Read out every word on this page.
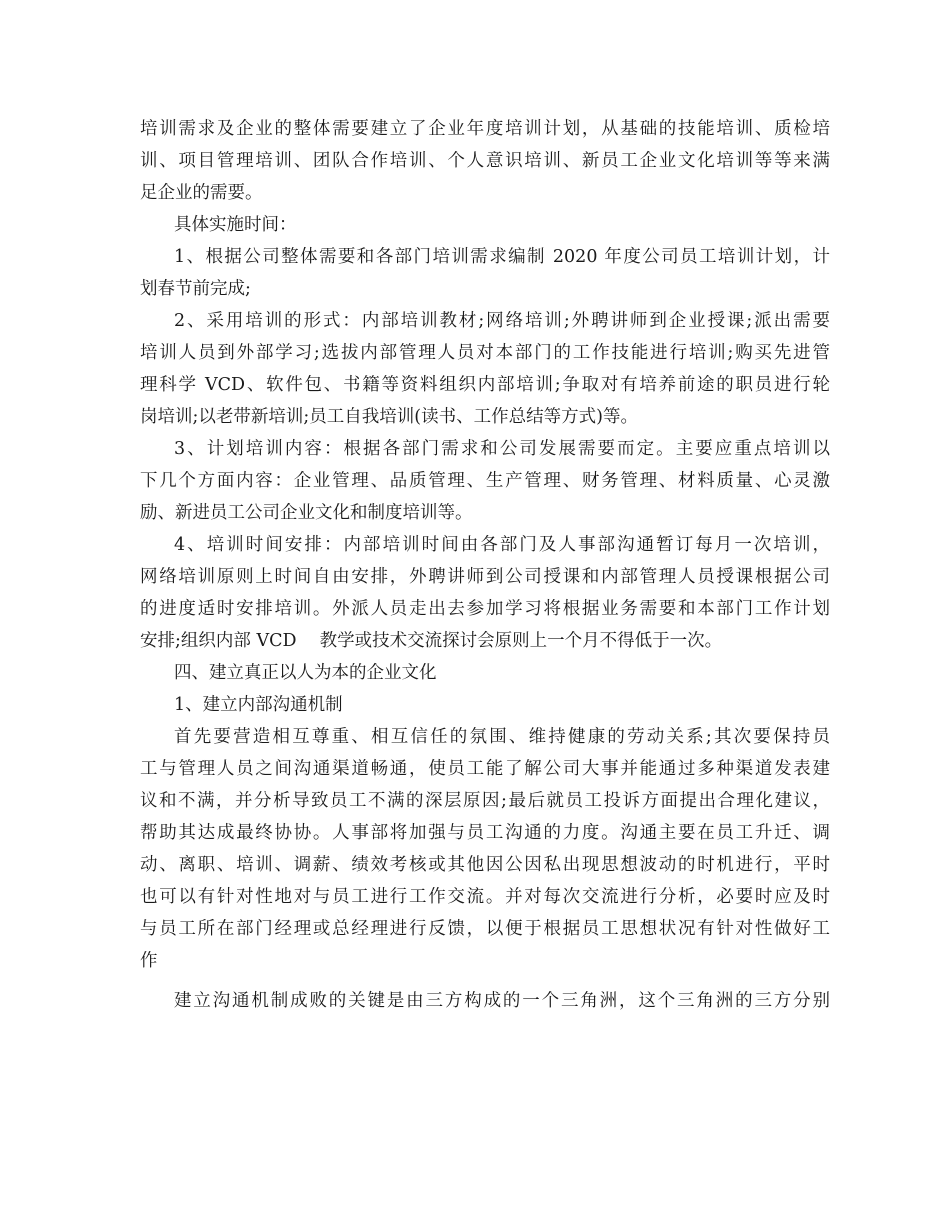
培训需求及企业的整体需要建立了企业年度培训计划，从基础的技能培训、质检培
训、项目管理培训、团队合作培训、个人意识培训、新员工企业文化培训等等来满
足企业的需要。
具体实施时间：
1、根据公司整体需要和各部门培训需求编制 2020 年度公司员工培训计划，计
划春节前完成;
2、采用培训的形式：内部培训教材;网络培训;外聘讲师到企业授课;派出需要
培训人员到外部学习;选拔内部管理人员对本部门的工作技能进行培训;购买先进管
理科学 VCD、软件包、书籍等资料组织内部培训;争取对有培养前途的职员进行轮
岗培训;以老带新培训;员工自我培训(读书、工作总结等方式)等。
3、计划培训内容：根据各部门需求和公司发展需要而定。主要应重点培训以
下几个方面内容：企业管理、品质管理、生产管理、财务管理、材料质量、心灵激
励、新进员工公司企业文化和制度培训等。
4、培训时间安排：内部培训时间由各部门及人事部沟通暂订每月一次培训，
网络培训原则上时间自由安排，外聘讲师到公司授课和内部管理人员授课根据公司
的进度适时安排培训。外派人员走出去参加学习将根据业务需要和本部门工作计划
安排;组织内部 VCD　 教学或技术交流探讨会原则上一个月不得低于一次。
四、建立真正以人为本的企业文化
1、建立内部沟通机制
首先要营造相互尊重、相互信任的氛围、维持健康的劳动关系;其次要保持员
工与管理人员之间沟通渠道畅通，使员工能了解公司大事并能通过多种渠道发表建
议和不满，并分析导致员工不满的深层原因;最后就员工投诉方面提出合理化建议，
帮助其达成最终协协。人事部将加强与员工沟通的力度。沟通主要在员工升迁、调
动、离职、培训、调薪、绩效考核或其他因公因私出现思想波动的时机进行，平时
也可以有针对性地对与员工进行工作交流。并对每次交流进行分析，必要时应及时
与员工所在部门经理或总经理进行反馈，以便于根据员工思想状况有针对性做好工
作
建立沟通机制成败的关键是由三方构成的一个三角洲，这个三角洲的三方分别
